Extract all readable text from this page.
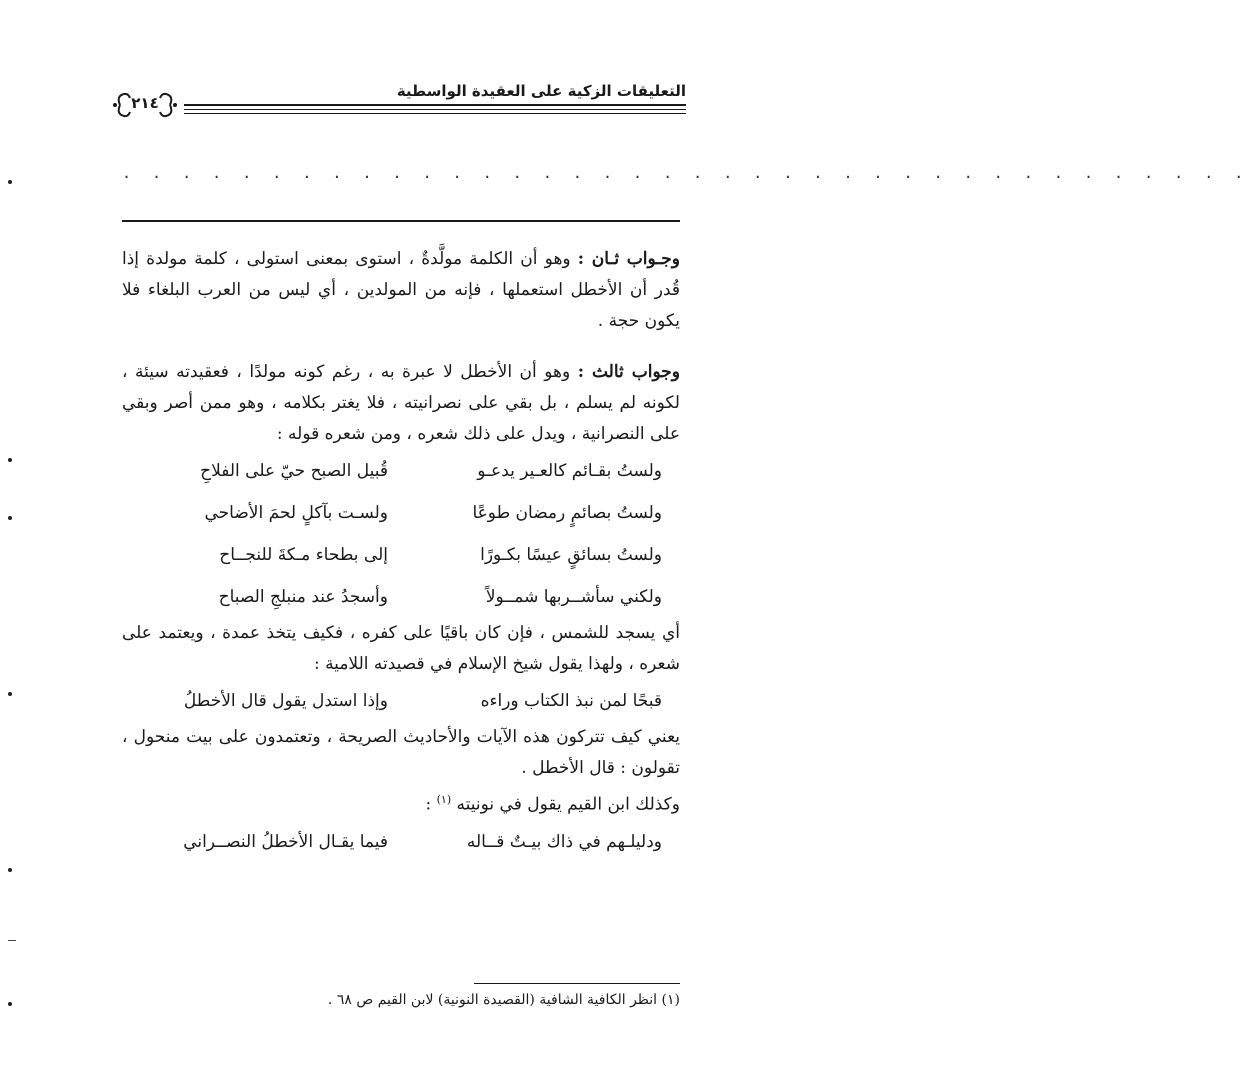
التعليقات الزكية على العقيدة الواسطية
٢١٤
. . . . . . . . . . . . . . . . . . . . . . . . . . . . . . . . . . . . . .

وجـواب ثـان : وهو أن الكلمة مولَّدةٌ ، استوى بمعنى استولى ، كلمة مولدة إذا قُدر أن الأخطل استعملها ، فإنه من المولدين ، أي ليس من العرب البلغاء فلا يكون حجة .

وجواب ثالث : وهو أن الأخطل لا عبرة به ، رغم كونه مولدًا ، فعقيدته سيئة ، لكونه لم يسلم ، بل بقي على نصرانيته ، فلا يغتر بكلامه ، وهو ممن أصر وبقي على النصرانية ، ويدل على ذلك شعره ، ومن شعره قوله :

ولستُ بقـائم كالعـير يدعـو
قُبيل الصبح حيّ على الفلاحِ
ولستُ بصائمٍ رمضان طوعًا
ولسـت بآكلٍ لحمَ الأضاحي
ولستُ بسائقٍ عيسًا بكـورًا
إلى بطحاء مـكةَ للنجــاح
ولكني سأشــربها شمــولاً
وأسجدُ عند منبلجِ الصباح

أي يسجد للشمس ، فإن كان باقيًا على كفره ، فكيف يتخذ عمدة ، ويعتمد على شعره ، ولهذا يقول شيخ الإسلام في قصيدته اللامية :

قبحًا لمن نبذ الكتاب وراءه
وإذا استدل يقول قال الأخطلُ

يعني كيف تتركون هذه الآيات والأحاديث الصريحة ، وتعتمدون على بيت منحول ، تقولون : قال الأخطل .

وكذلك ابن القيم يقول في نونيته $^{(١)}$ :

ودليلـهم في ذاك بيـتٌ قــاله
فيما يقـال الأخطلُ النصــراني
(١) انظر الكافية الشافية (القصيدة النونية) لابن القيم ص ٦٨ .
